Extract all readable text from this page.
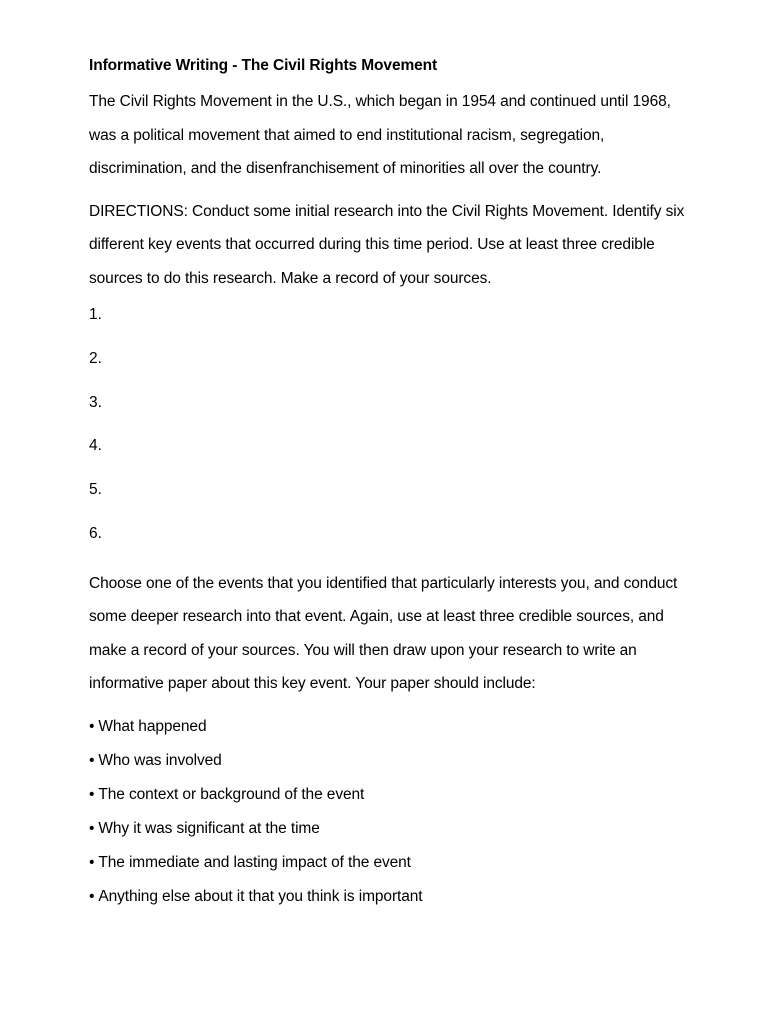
Informative Writing - The Civil Rights Movement

The Civil Rights Movement in the U.S., which began in 1954 and continued until 1968, was a political movement that aimed to end institutional racism, segregation, discrimination, and the disenfranchisement of minorities all over the country.

DIRECTIONS: Conduct some initial research into the Civil Rights Movement. Identify six different key events that occurred during this time period. Use at least three credible sources to do this research. Make a record of your sources.

1.
2.
3.
4.
5.
6.

Choose one of the events that you identified that particularly interests you, and conduct some deeper research into that event. Again, use at least three credible sources, and make a record of your sources. You will then draw upon your research to write an informative paper about this key event. Your paper should include:

• What happened
• Who was involved
• The context or background of the event
• Why it was significant at the time
• The immediate and lasting impact of the event
• Anything else about it that you think is important
